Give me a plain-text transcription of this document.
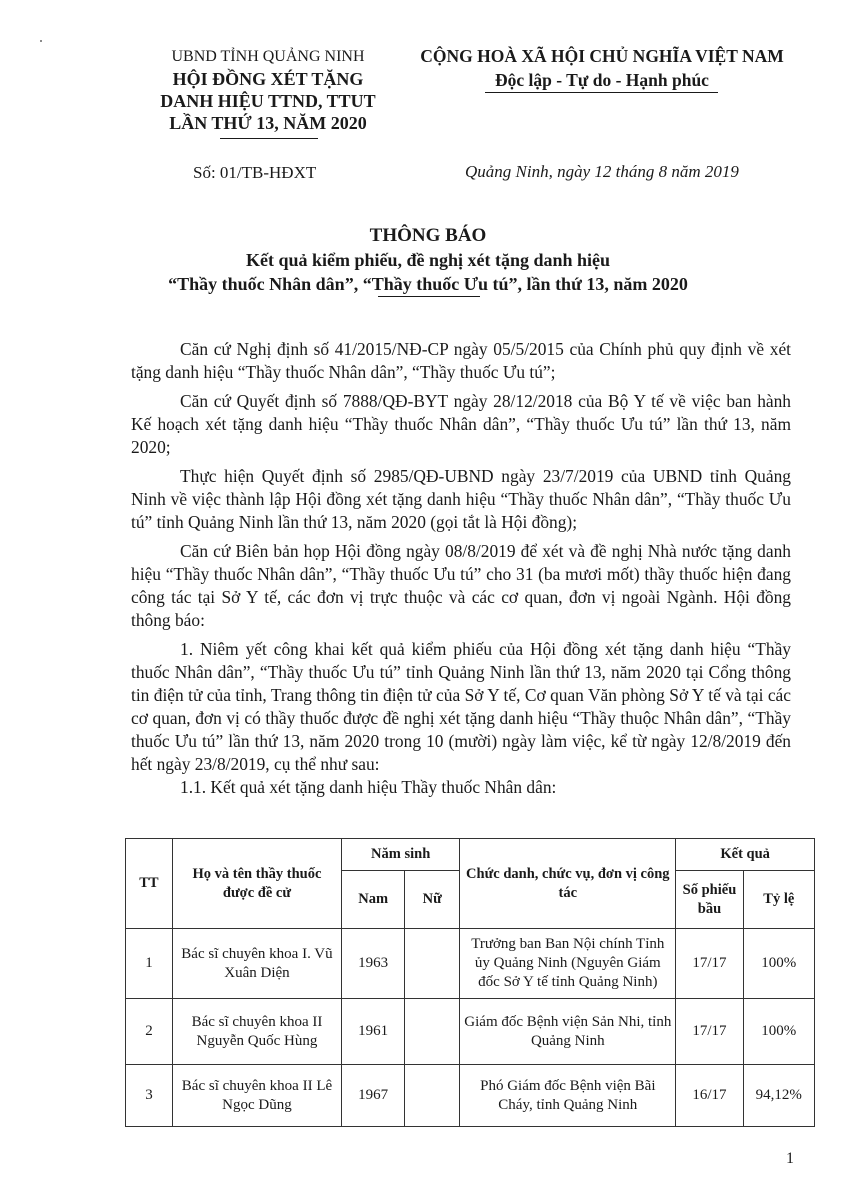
UBND TỈNH QUẢNG NINH
HỘI ĐỒNG XÉT TẶNG
DANH HIỆU TTND, TTUT
LẦN THỨ 13, NĂM 2020
CỘNG HOÀ XÃ HỘI CHỦ NGHĨA VIỆT NAM
Độc lập - Tự do - Hạnh phúc
Số: 01/TB-HĐXT	Quảng Ninh, ngày 12 tháng 8 năm 2019
THÔNG BÁO
Kết quả kiểm phiếu, đề nghị xét tặng danh hiệu
“Thầy thuốc Nhân dân”, “Thầy thuốc Ưu tú”, lần thứ 13, năm 2020

Căn cứ Nghị định số 41/2015/NĐ-CP ngày 05/5/2015 của Chính phủ quy định về xét tặng danh hiệu “Thầy thuốc Nhân dân”, “Thầy thuốc Ưu tú”;

Căn cứ Quyết định số 7888/QĐ-BYT ngày 28/12/2018 của Bộ Y tế về việc ban hành Kế hoạch xét tặng danh hiệu “Thầy thuốc Nhân dân”, “Thầy thuốc Ưu tú” lần thứ 13, năm 2020;

Thực hiện Quyết định số 2985/QĐ-UBND ngày 23/7/2019 của UBND tỉnh Quảng Ninh về việc thành lập Hội đồng xét tặng danh hiệu “Thầy thuốc Nhân dân”, “Thầy thuốc Ưu tú” tỉnh Quảng Ninh lần thứ 13, năm 2020 (gọi tắt là Hội đồng);

Căn cứ Biên bản họp Hội đồng ngày 08/8/2019 để xét và đề nghị Nhà nước tặng danh hiệu “Thầy thuốc Nhân dân”, “Thầy thuốc Ưu tú” cho 31 (ba mươi mốt) thầy thuốc hiện đang công tác tại Sở Y tế, các đơn vị trực thuộc và các cơ quan, đơn vị ngoài Ngành. Hội đồng thông báo:

1. Niêm yết công khai kết quả kiểm phiếu của Hội đồng xét tặng danh hiệu “Thầy thuốc Nhân dân”, “Thầy thuốc Ưu tú” tỉnh Quảng Ninh lần thứ 13, năm 2020 tại Cổng thông tin điện tử của tỉnh, Trang thông tin điện tử của Sở Y tế, Cơ quan Văn phòng Sở Y tế và tại các cơ quan, đơn vị có thầy thuốc được đề nghị xét tặng danh hiệu “Thầy thuộc Nhân dân”, “Thầy thuốc Ưu tú” lần thứ 13, năm 2020 trong 10 (mười) ngày làm việc, kể từ ngày 12/8/2019 đến hết ngày 23/8/2019, cụ thể như sau:

1.1. Kết quả xét tặng danh hiệu Thầy thuốc Nhân dân:

TT	Họ và tên thầy thuốc được đề cử	Năm sinh		Chức danh, chức vụ, đơn vị công tác	Kết quả	
		Nam	Nữ		Số phiếu bầu	Tỷ lệ
1	Bác sĩ chuyên khoa I. Vũ Xuân Diện	1963		Trưởng ban Ban Nội chính Tỉnh ủy Quảng Ninh (Nguyên Giám đốc Sở Y tế tỉnh Quảng Ninh)	17/17	100%
2	Bác sĩ chuyên khoa II Nguyễn Quốc Hùng	1961		Giám đốc Bệnh viện Sản Nhi, tỉnh Quảng Ninh	17/17	100%
3	Bác sĩ chuyên khoa II Lê Ngọc Dũng	1967		Phó Giám đốc Bệnh viện Bãi Cháy, tỉnh Quảng Ninh	16/17	94,12%
1
